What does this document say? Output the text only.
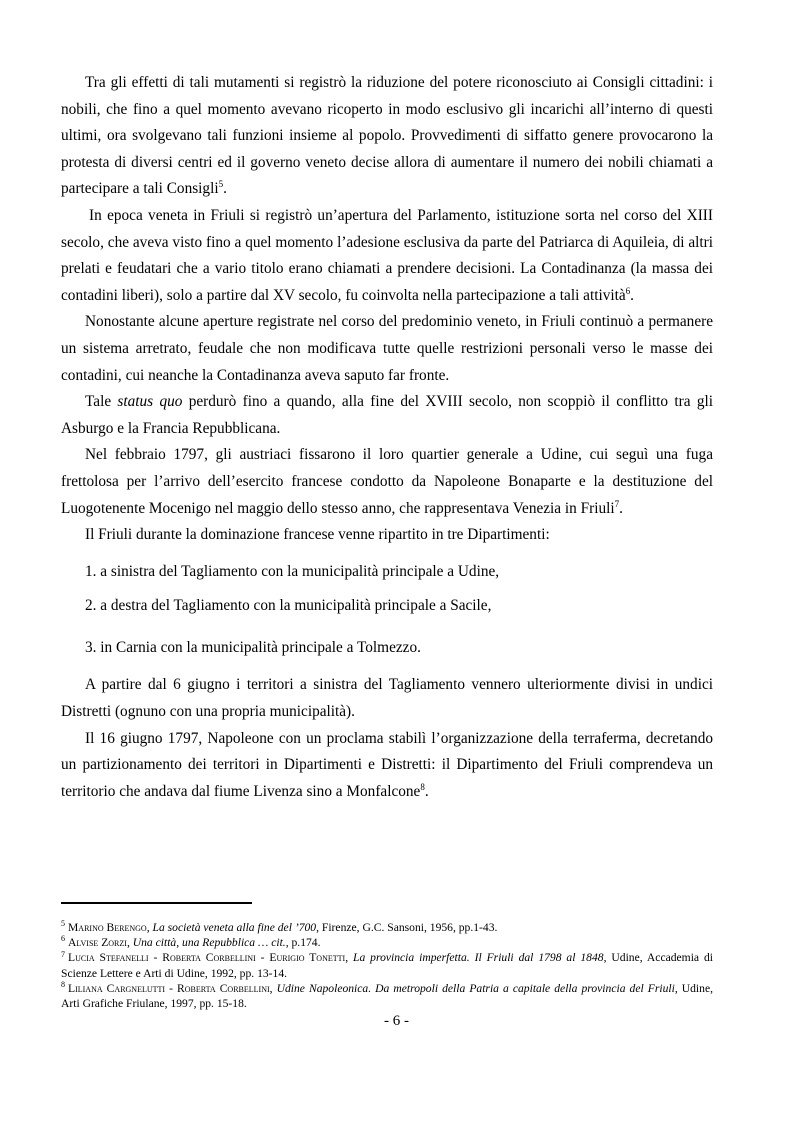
Tra gli effetti di tali mutamenti si registrò la riduzione del potere riconosciuto ai Consigli cittadini: i nobili, che fino a quel momento avevano ricoperto in modo esclusivo gli incarichi all’interno di questi ultimi, ora svolgevano tali funzioni insieme al popolo. Provvedimenti di siffatto genere provocarono la protesta di diversi centri ed il governo veneto decise allora di aumentare il numero dei nobili chiamati a partecipare a tali Consigli$^5$.

In epoca veneta in Friuli si registrò un’apertura del Parlamento, istituzione sorta nel corso del XIII secolo, che aveva visto fino a quel momento l’adesione esclusiva da parte del Patriarca di Aquileia, di altri prelati e feudatari che a vario titolo erano chiamati a prendere decisioni. La Contadinanza (la massa dei contadini liberi), solo a partire dal XV secolo, fu coinvolta nella partecipazione a tali attività$^6$.

Nonostante alcune aperture registrate nel corso del predominio veneto, in Friuli continuò a permanere un sistema arretrato, feudale che non modificava tutte quelle restrizioni personali verso le masse dei contadini, cui neanche la Contadinanza aveva saputo far fronte.

Tale status quo perdurò fino a quando, alla fine del XVIII secolo, non scoppiò il conflitto tra gli Asburgo e la Francia Repubblicana.

Nel febbraio 1797, gli austriaci fissarono il loro quartier generale a Udine, cui seguì una fuga frettolosa per l’arrivo dell’esercito francese condotto da Napoleone Bonaparte e la destituzione del Luogotenente Mocenigo nel maggio dello stesso anno, che rappresentava Venezia in Friuli$^7$.

Il Friuli durante la dominazione francese venne ripartito in tre Dipartimenti:

1. a sinistra del Tagliamento con la municipalità principale a Udine,

2. a destra del Tagliamento con la municipalità principale a Sacile,

3. in Carnia con la municipalità principale a Tolmezzo.

A partire dal 6 giugno i territori a sinistra del Tagliamento vennero ulteriormente divisi in undici Distretti (ognuno con una propria municipalità).

Il 16 giugno 1797, Napoleone con un proclama stabilì l’organizzazione della terraferma, decretando un partizionamento dei territori in Dipartimenti e Distretti: il Dipartimento del Friuli comprendeva un territorio che andava dal fiume Livenza sino a Monfalcone$^8$.

$^5$ Marino Berengo, La società veneta alla fine del ’700, Firenze, G.C. Sansoni, 1956, pp.1-43.

$^6$ Alvise Zorzi, Una città, una Repubblica … cit., p.174.

$^7$ Lucia Stefanelli - Roberta Corbellini - Eurigio Tonetti, La provincia imperfetta. Il Friuli dal 1798 al 1848, Udine, Accademia di Scienze Lettere e Arti di Udine, 1992, pp. 13-14.

$^8$ Liliana Cargnelutti - Roberta Corbellini, Udine Napoleonica. Da metropoli della Patria a capitale della provincia del Friuli, Udine, Arti Grafiche Friulane, 1997, pp. 15-18.

- 6 -
